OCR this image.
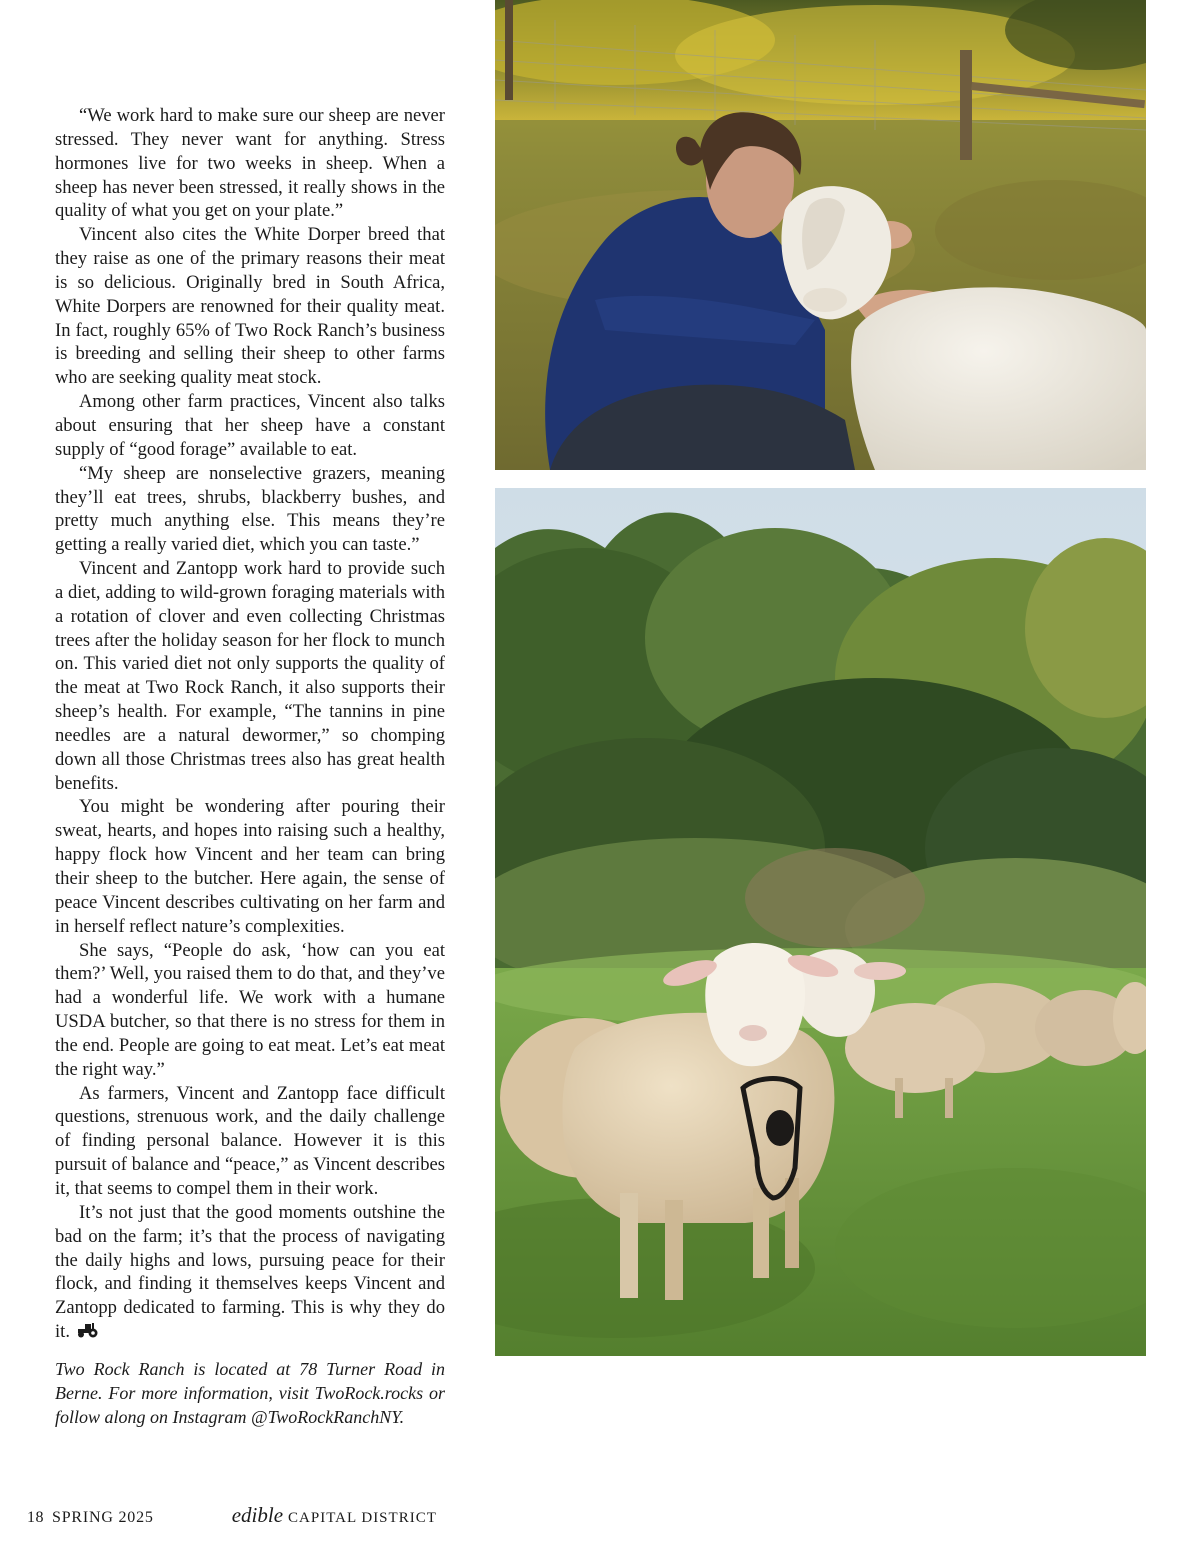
“We work hard to make sure our sheep are never stressed. They never want for anything. Stress hormones live for two weeks in sheep. When a sheep has never been stressed, it really shows in the quality of what you get on your plate.”

Vincent also cites the White Dorper breed that they raise as one of the primary reasons their meat is so delicious. Originally bred in South Africa, White Dorpers are renowned for their quality meat. In fact, roughly 65% of Two Rock Ranch’s business is breeding and selling their sheep to other farms who are seeking quality meat stock.

Among other farm practices, Vincent also talks about ensuring that her sheep have a constant supply of “good forage” available to eat.

“My sheep are nonselective grazers, meaning they’ll eat trees, shrubs, blackberry bushes, and pretty much anything else. This means they’re getting a really varied diet, which you can taste.”

Vincent and Zantopp work hard to provide such a diet, adding to wild-grown foraging materials with a rotation of clover and even collecting Christmas trees after the holiday season for her flock to munch on. This varied diet not only supports the quality of the meat at Two Rock Ranch, it also supports their sheep’s health. For example, “The tannins in pine needles are a natural dewormer,” so chomping down all those Christmas trees also has great health benefits.

You might be wondering after pouring their sweat, hearts, and hopes into raising such a healthy, happy flock how Vincent and her team can bring their sheep to the butcher. Here again, the sense of peace Vincent describes cultivating on her farm and in herself reflect nature’s complexities.

She says, “People do ask, ‘how can you eat them?’ Well, you raised them to do that, and they’ve had a wonderful life. We work with a humane USDA butcher, so that there is no stress for them in the end. People are going to eat meat. Let’s eat meat the right way.”

As farmers, Vincent and Zantopp face difficult questions, strenuous work, and the daily challenge of finding personal balance. However it is this pursuit of balance and “peace,” as Vincent describes it, that seems to compel them in their work.

It’s not just that the good moments outshine the bad on the farm; it’s that the process of navigating the daily highs and lows, pursuing peace for their flock, and finding it themselves keeps Vincent and Zantopp dedicated to farming. This is why they do it.

Two Rock Ranch is located at 78 Turner Road in Berne. For more information, visit TwoRock.rocks or follow along on Instagram @TwoRockRanchNY.

18 SPRING 2025	edible CAPITAL DISTRICT
